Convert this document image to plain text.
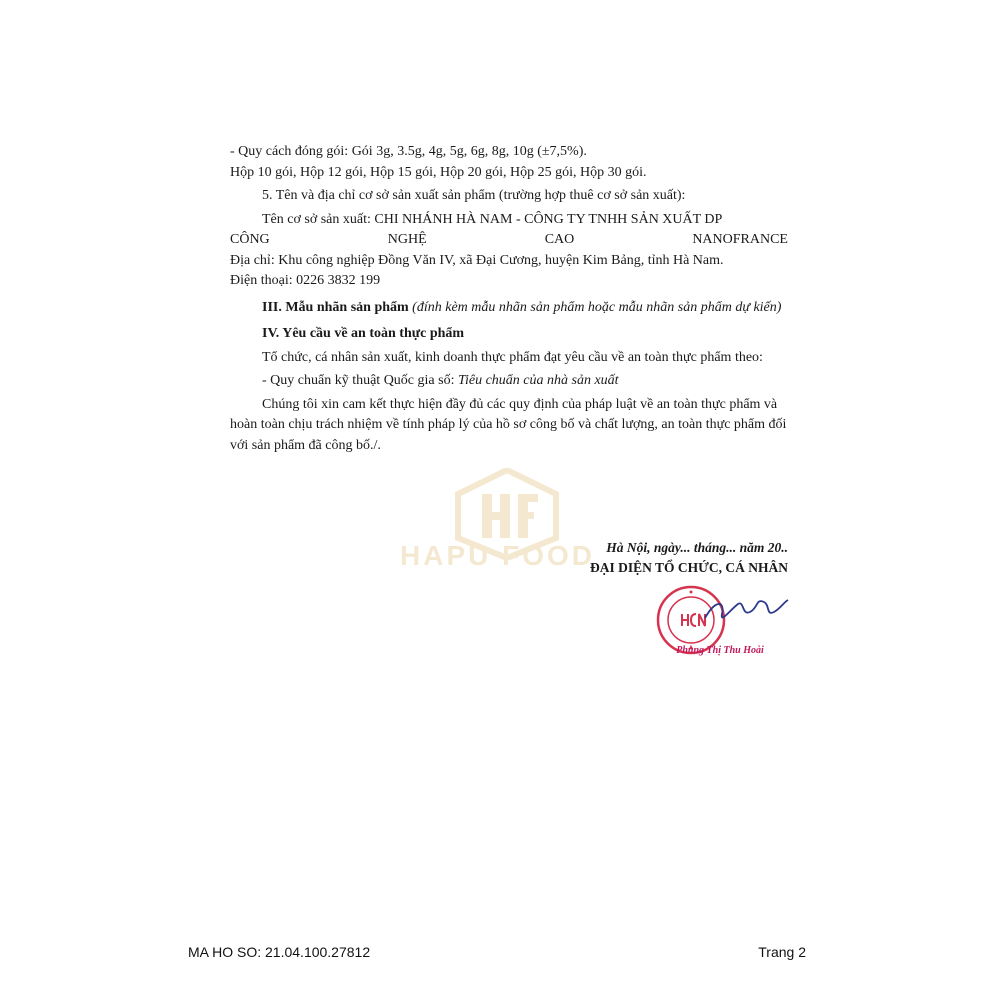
- Quy cách đóng gói: Gói 3g, 3.5g, 4g, 5g, 6g, 8g, 10g (±7,5%).

Hộp 10 gói, Hộp 12 gói, Hộp 15 gói, Hộp 20 gói, Hộp 25 gói, Hộp 30 gói.

5. Tên và địa chỉ cơ sở sản xuất sản phẩm (trường hợp thuê cơ sở sản xuất):

Tên cơ sở sản xuất: CHI NHÁNH HÀ NAM - CÔNG TY TNHH SẢN XUẤT DP

CÔNG	NGHỆ	CAO	NANOFRANCE

Địa chỉ: Khu công nghiệp Đồng Văn IV, xã Đại Cương, huyện Kim Bảng, tỉnh Hà Nam.

Điện thoại: 0226 3832 199

III. Mẫu nhãn sản phẩm (đính kèm mẫu nhãn sản phẩm hoặc mẫu nhãn sản phẩm dự kiến)

IV. Yêu cầu về an toàn thực phẩm

Tổ chức, cá nhân sản xuất, kinh doanh thực phẩm đạt yêu cầu về an toàn thực phẩm theo:

- Quy chuẩn kỹ thuật Quốc gia số: Tiêu chuẩn của nhà sản xuất

Chúng tôi xin cam kết thực hiện đầy đủ các quy định của pháp luật về an toàn thực phẩm và hoàn toàn chịu trách nhiệm về tính pháp lý của hồ sơ công bố và chất lượng, an toàn thực phẩm đối với sản phẩm đã công bố./.

HAPU FOOD Hà Nội, ngày... tháng... năm 20..

ĐẠI DIỆN TỔ CHỨC, CÁ NHÂN

Phùng Thị Thu Hoài
MA HO SO: 21.04.100.27812	Trang 2
